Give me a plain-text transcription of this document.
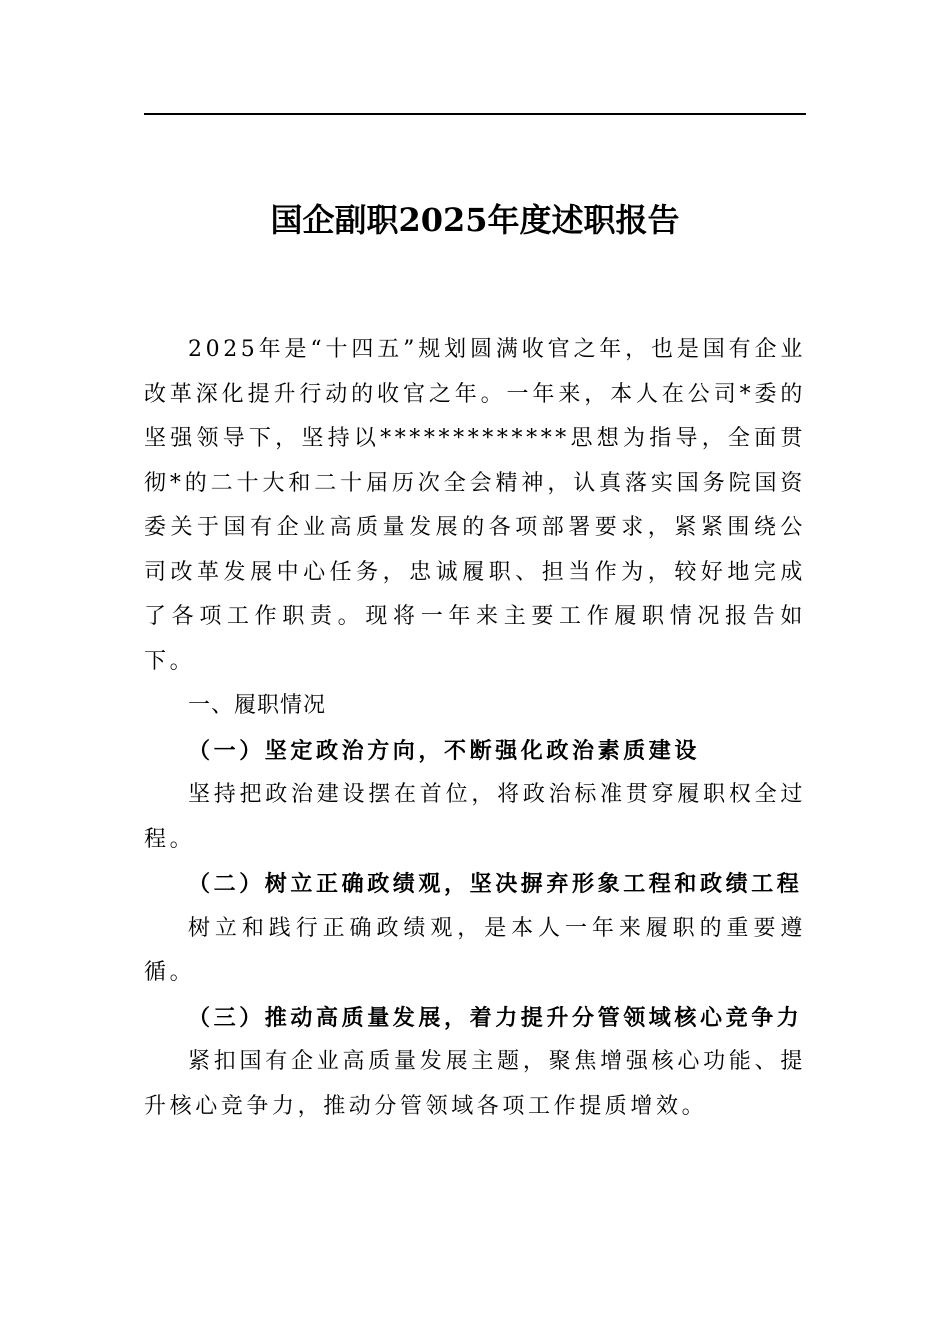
国企副职2025年度述职报告

2025年是“十四五”规划圆满收官之年，也是国有企业改革深化提升行动的收官之年。一年来，本人在公司*委的坚强领导下，坚持以*************思想为指导，全面贯彻*的二十大和二十届历次全会精神，认真落实国务院国资委关于国有企业高质量发展的各项部署要求，紧紧围绕公司改革发展中心任务，忠诚履职、担当作为，较好地完成了各项工作职责。现将一年来主要工作履职情况报告如下。

一、履职情况

（一）坚定政治方向，不断强化政治素质建设

坚持把政治建设摆在首位，将政治标准贯穿履职权全过程。

（二）树立正确政绩观，坚决摒弃形象工程和政绩工程

树立和践行正确政绩观，是本人一年来履职的重要遵循。

（三）推动高质量发展，着力提升分管领域核心竞争力

紧扣国有企业高质量发展主题，聚焦增强核心功能、提升核心竞争力，推动分管领域各项工作提质增效。
